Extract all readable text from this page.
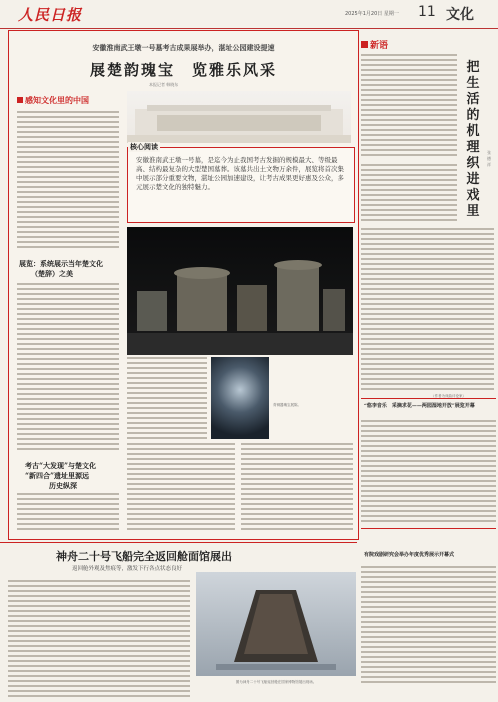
人民日报	2025年1月20日 星期一 11 文化
安徽淮南武王墩一号墓考古成果展举办，湛址公园建设提速
展楚韵瑰宝　览雅乐风采
本报记者 韩晓东
感知文化里的中国
展览：系统展示当年楚文化
（楚辞）之美
考古“大发现”与楚文化
“新四合”遗址里源远
历史纵深
核心阅读
安徽淮南武王墩一号墓，是迄今为止我国考古发掘的规模最大、等级最高、结构最复杂的大型楚国墓葬。该墓共出土文物万余件，展览将首次集中展示部分重要文物，湛址公园加速建设，让考古成果更好惠及公众，多元展示楚文化的独特魅力。
青铜器瑰宝展陈。
新语
把生活的机理织进戏里
张德祥
（作者为戏曲评论家）
“悠李音乐　采摘求花——两园湿地开放”展览开幕
有院戏剧研究会举办年度优秀展示开幕式
神舟二十号飞船完全返回舱面馆展出
返回舱外观及焦痕等，激发下行各点状态良好
图为神舟二十号飞船返回舱在国家博物馆展出现场。
